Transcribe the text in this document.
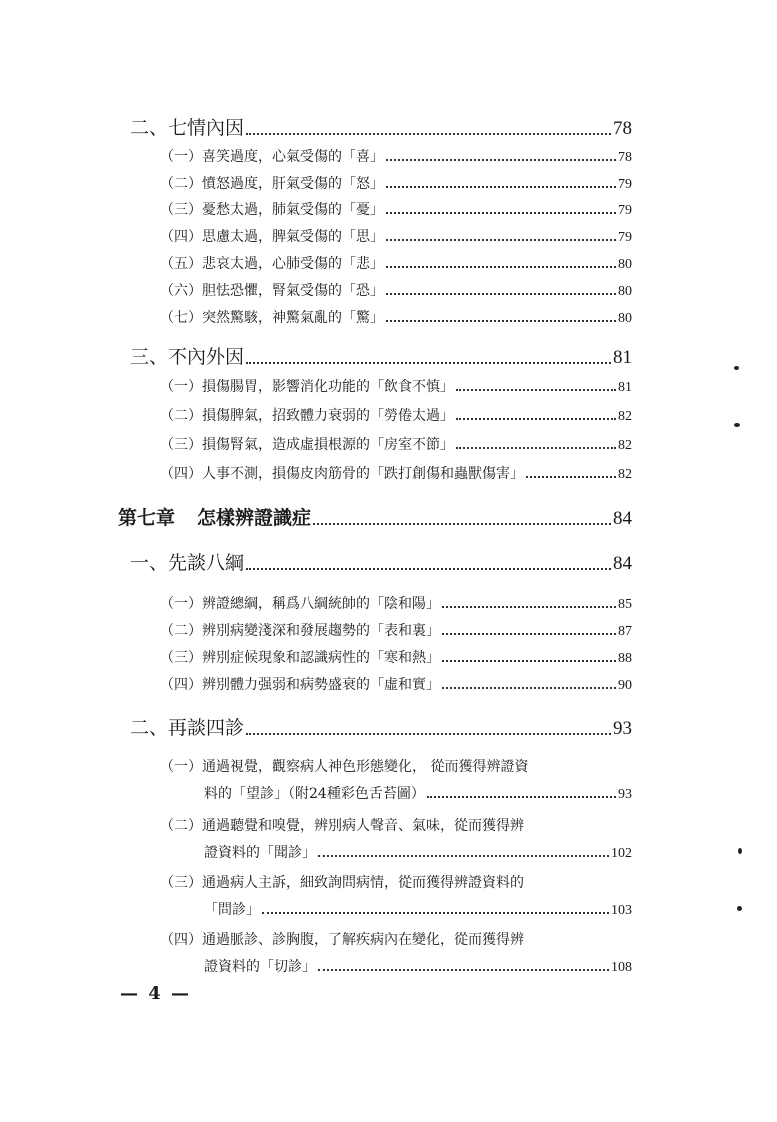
二、七情內因	78
（一）喜笑過度，心氣受傷的「喜」	78
（二）憤怒過度，肝氣受傷的「怒」	79
（三）憂愁太過，肺氣受傷的「憂」	79
（四）思慮太過，脾氣受傷的「思」	79
（五）悲哀太過，心肺受傷的「悲」	80
（六）胆怯恐懼，腎氣受傷的「恐」	80
（七）突然驚駭，神驚氣亂的「驚」	80
三、不內外因	81
（一）損傷腸胃，影響消化功能的「飲食不慎」	81
（二）損傷脾氣，招致體力衰弱的「勞倦太過」	82
（三）損傷腎氣，造成虛損根源的「房室不節」	82
（四）人事不測，損傷皮肉筋骨的「跌打創傷和蟲獸傷害」	82
第七章 怎樣辨證識症	84
一、先談八綱	84
（一）辨證總綱，稱爲八綱統帥的「陰和陽」	85
（二）辨別病變淺深和發展趨勢的「表和裏」	87
（三）辨別症候現象和認識病性的「寒和熱」	88
（四）辨別體力强弱和病勢盛衰的「虛和實」	90
二、再談四診	93
（一）通過視覺，觀察病人神色形態變化， 從而獲得辨證資
料的「望診」（附24種彩色舌苔圖）	93
（二）通過聽覺和嗅覺，辨別病人聲音、氣味，從而獲得辨
證資料的「聞診」	102
（三）通過病人主訴，細致詢問病情，從而獲得辨證資料的
「問診」	103
（四）通過脈診、診胸腹，了解疾病內在變化，從而獲得辨
證資料的「切診」	108
— 4 —
